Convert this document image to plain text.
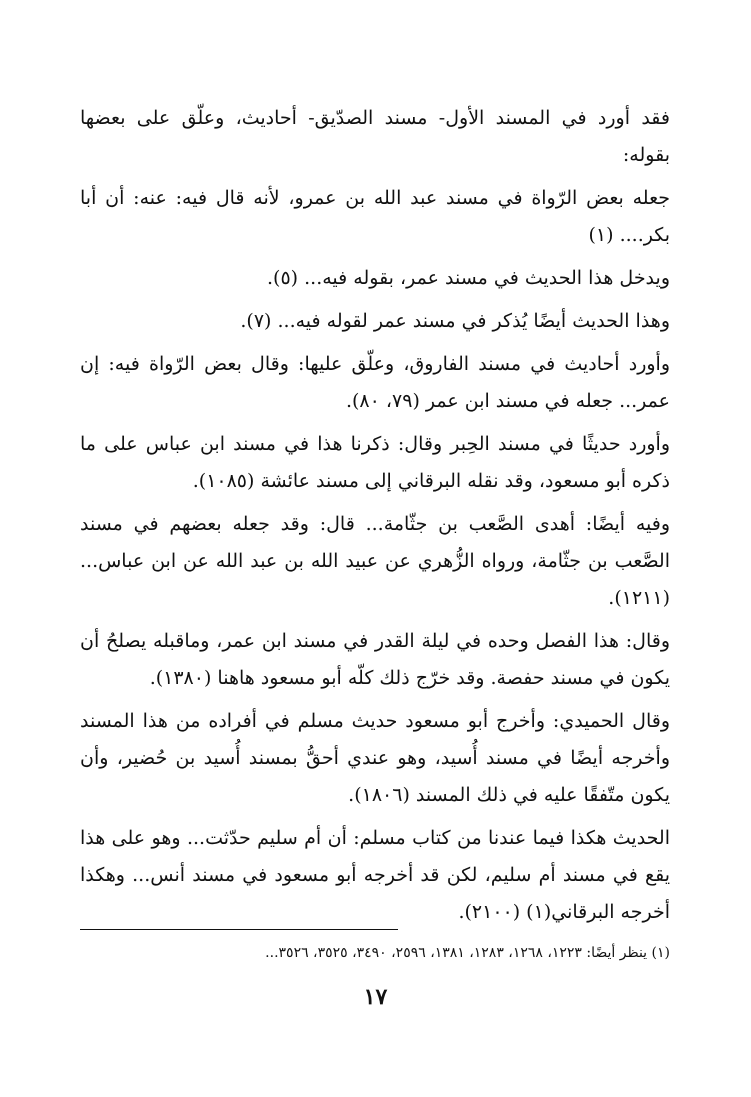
فقد أورد في المسند الأول- مسند الصدّيق- أحاديث، وعلّق على بعضها بقوله:

جعله بعض الرّواة في مسند عبد الله بن عمرو، لأنه قال فيه: عنه: أن أبا بكر.... (١)

ويدخل هذا الحديث في مسند عمر، بقوله فيه... (٥).

وهذا الحديث أيضًا يُذكر في مسند عمر لقوله فيه... (٧).

وأورد أحاديث في مسند الفاروق، وعلّق عليها: وقال بعض الرّواة فيه: إن عمر... جعله في مسند ابن عمر (٧٩، ٨٠).

وأورد حديثًا في مسند الحِبر وقال: ذكرنا هذا في مسند ابن عباس على ما ذكره أبو مسعود، وقد نقله البرقاني إلى مسند عائشة (١٠٨٥).

وفيه أيضًا: أهدى الصَّعب بن جثّامة... قال: وقد جعله بعضهم في مسند الصَّعب بن جثّامة، ورواه الزُّهري عن عبيد الله بن عبد الله عن ابن عباس... (١٢١١).

وقال: هذا الفصل وحده في ليلة القدر في مسند ابن عمر، وماقبله يصلحُ أن يكون في مسند حفصة. وقد خرّج ذلك كلّه أبو مسعود هاهنا (١٣٨٠).

وقال الحميدي: وأخرج أبو مسعود حديث مسلم في أفراده من هذا المسند وأخرجه أيضًا في مسند أُسيد، وهو عندي أحقُّ بمسند أُسيد بن حُضير، وأن يكون متّفقًا عليه في ذلك المسند (١٨٠٦).

الحديث هكذا فيما عندنا من كتاب مسلم: أن أم سليم حدّثت... وهو على هذا يقع في مسند أم سليم، لكن قد أخرجه أبو مسعود في مسند أنس... وهكذا أخرجه البرقاني(١) (٢١٠٠).

(١) ينظر أيضًا: ١٢٢٣، ١٢٦٨، ١٢٨٣، ١٣٨١، ٢٥٩٦، ٣٤٩٠، ٣٥٢٥، ٣٥٢٦...
١٧
